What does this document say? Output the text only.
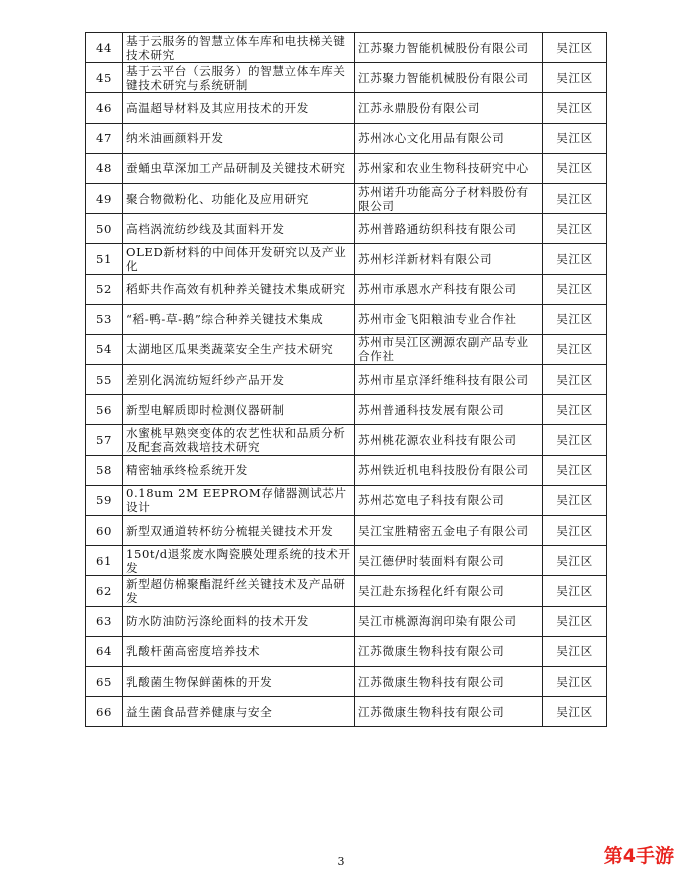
44	基于云服务的智慧立体车库和电扶梯关键技术研究	江苏聚力智能机械股份有限公司	吴江区
45	基于云平台（云服务）的智慧立体车库关键技术研究与系统研制	江苏聚力智能机械股份有限公司	吴江区
46	高温超导材料及其应用技术的开发	江苏永鼎股份有限公司	吴江区
47	纳米油画颜料开发	苏州冰心文化用品有限公司	吴江区
48	蚕蛹虫草深加工产品研制及关键技术研究	苏州家和农业生物科技研究中心	吴江区
49	聚合物微粉化、功能化及应用研究	苏州诺升功能高分子材料股份有限公司	吴江区
50	高档涡流纺纱线及其面料开发	苏州普路通纺织科技有限公司	吴江区
51	OLED新材料的中间体开发研究以及产业化	苏州杉洋新材料有限公司	吴江区
52	稻虾共作高效有机种养关键技术集成研究	苏州市承恩水产科技有限公司	吴江区
53	“稻-鸭-草-鹅”综合种养关键技术集成	苏州市金飞阳粮油专业合作社	吴江区
54	太湖地区瓜果类蔬菜安全生产技术研究	苏州市吴江区溯源农副产品专业合作社	吴江区
55	差别化涡流纺短纤纱产品开发	苏州市星京泽纤维科技有限公司	吴江区
56	新型电解质即时检测仪器研制	苏州普通科技发展有限公司	吴江区
57	水蜜桃早熟突变体的农艺性状和品质分析及配套高效栽培技术研究	苏州桃花源农业科技有限公司	吴江区
58	精密轴承终检系统开发	苏州铁近机电科技股份有限公司	吴江区
59	0.18um 2M EEPROM存储器测试芯片设计	苏州芯宽电子科技有限公司	吴江区
60	新型双通道转杯纺分梳辊关键技术开发	吴江宝胜精密五金电子有限公司	吴江区
61	150t/d退浆废水陶瓷膜处理系统的技术开发	吴江德伊时装面料有限公司	吴江区
62	新型超仿棉聚酯混纤丝关键技术及产品研发	吴江赴东扬程化纤有限公司	吴江区
63	防水防油防污涤纶面料的技术开发	吴江市桃源海润印染有限公司	吴江区
64	乳酸杆菌高密度培养技术	江苏微康生物科技有限公司	吴江区
65	乳酸菌生物保鲜菌株的开发	江苏微康生物科技有限公司	吴江区
66	益生菌食品营养健康与安全	江苏微康生物科技有限公司	吴江区
3	第4手游
